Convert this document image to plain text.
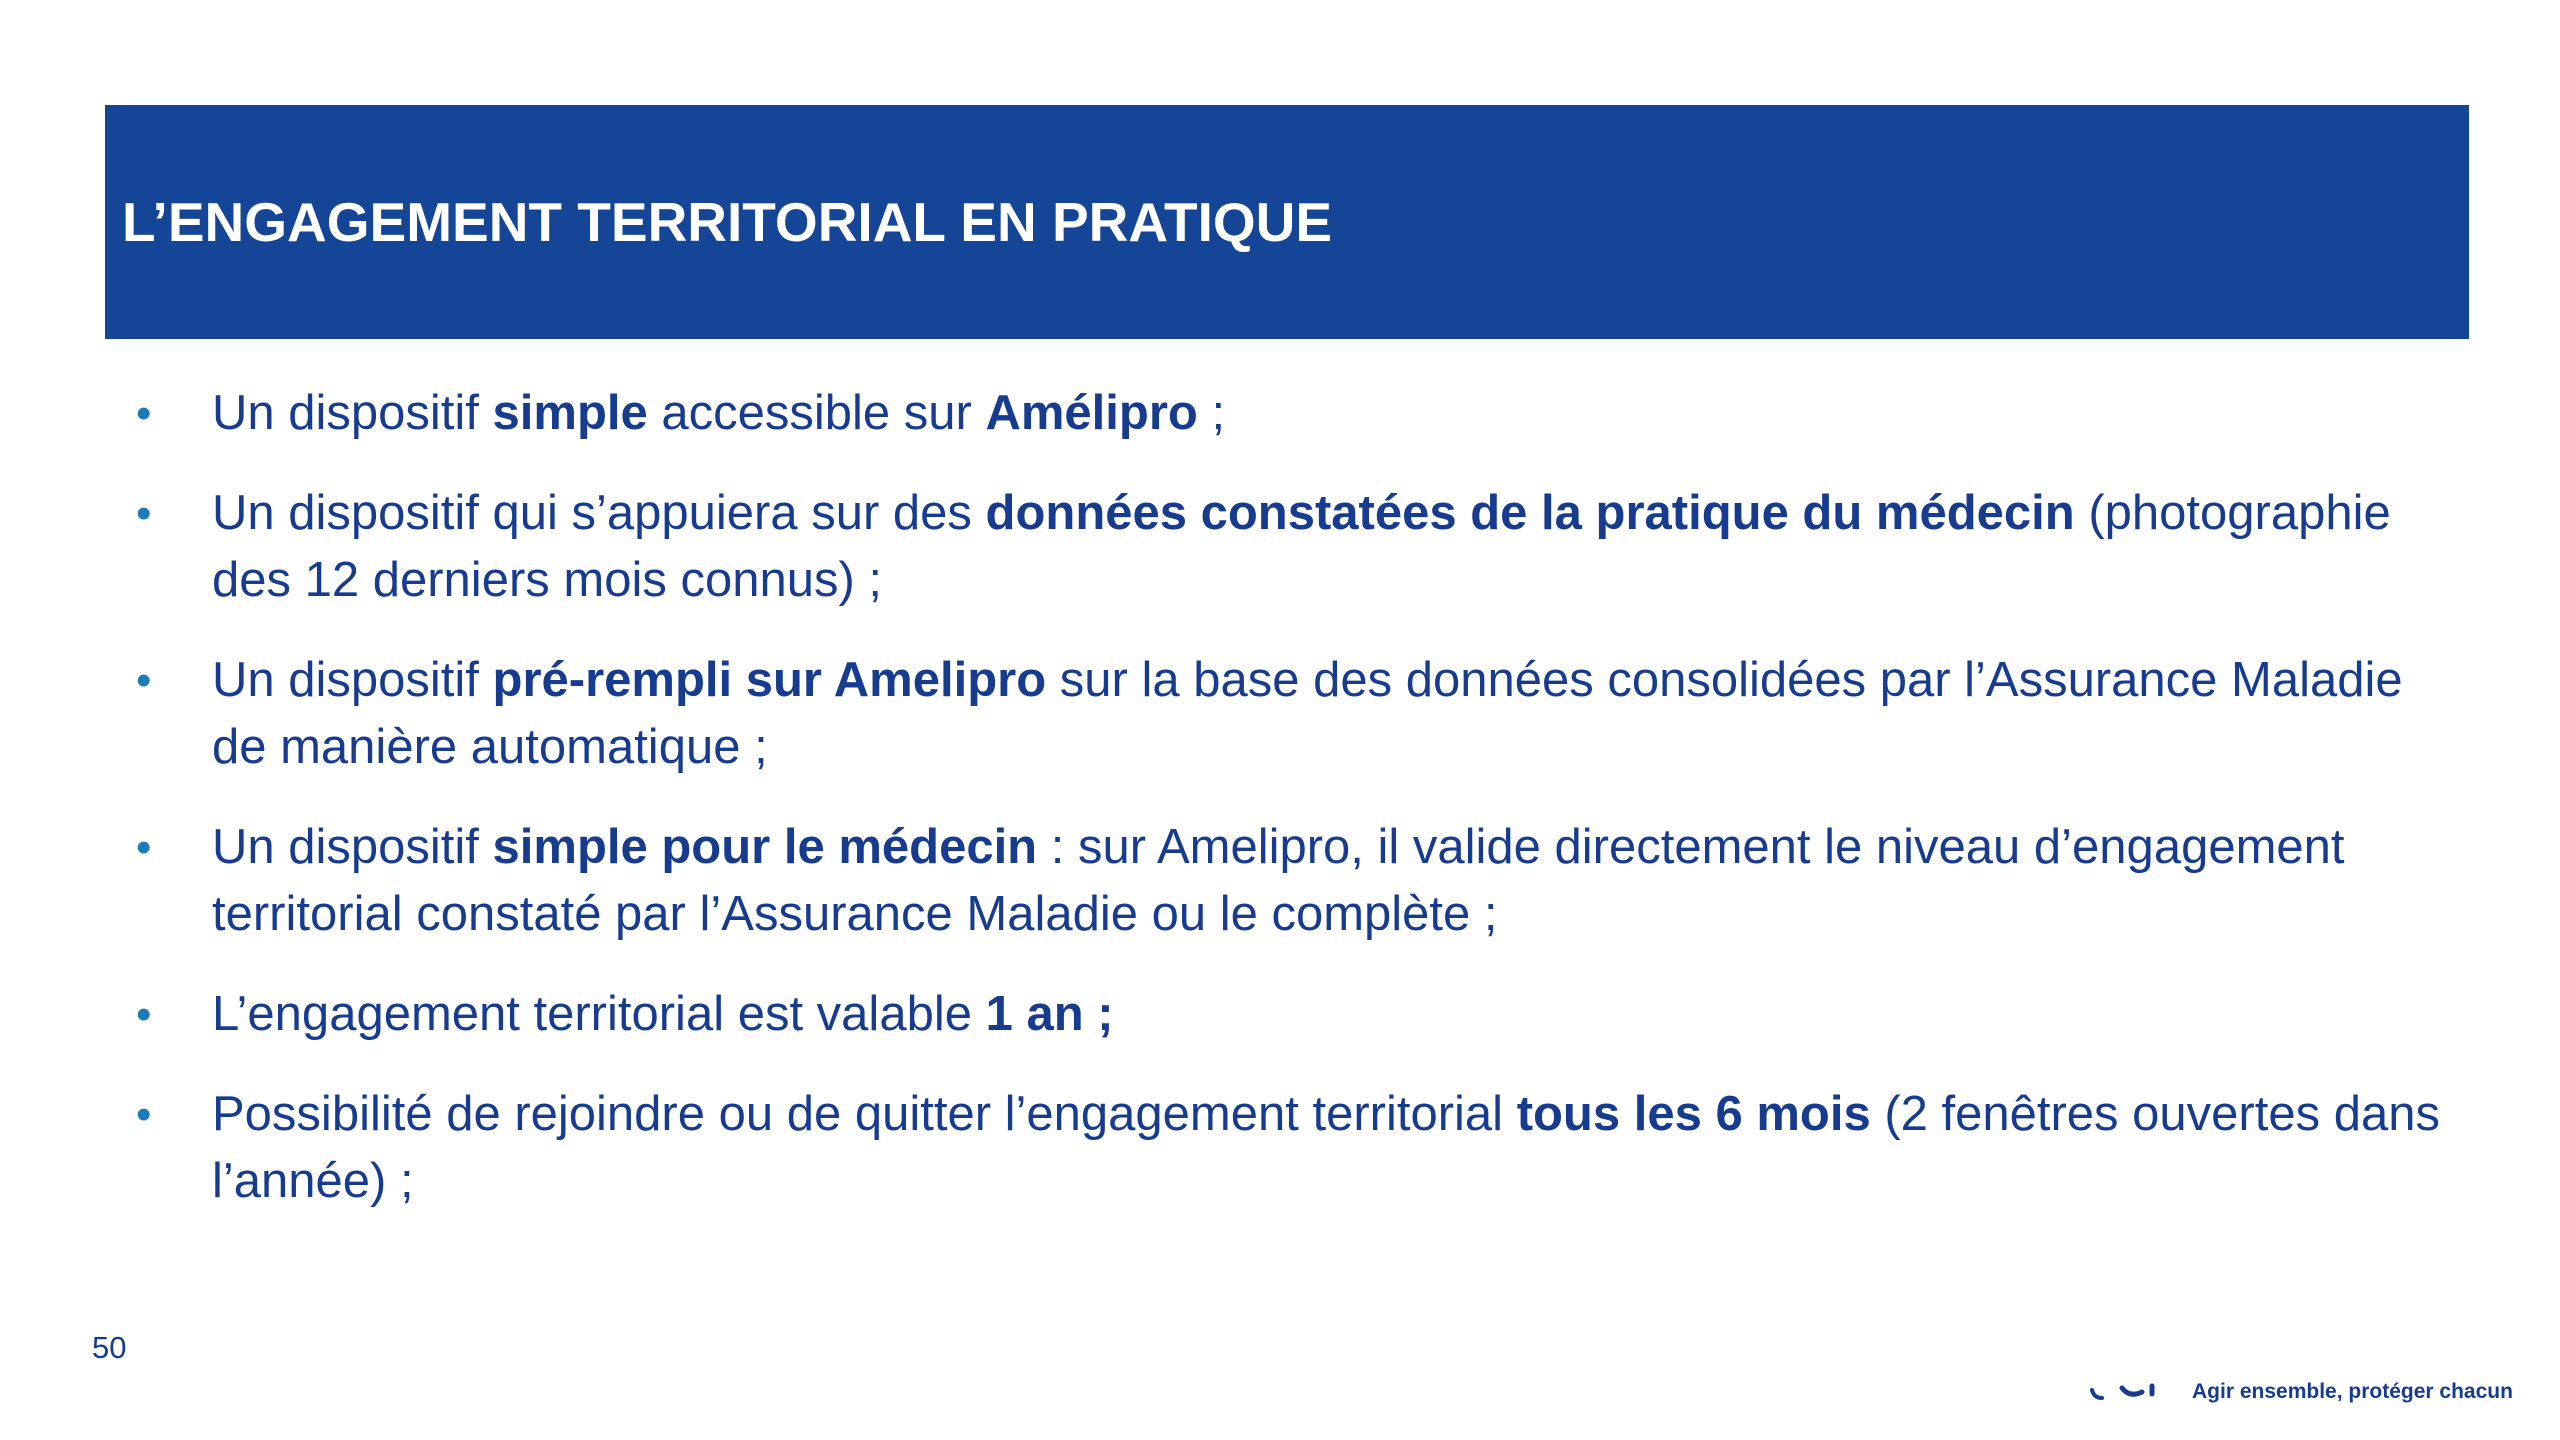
L’ENGAGEMENT TERRITORIAL EN PRATIQUE
•	Un dispositif simple accessible sur Amélipro ;
•	Un dispositif qui s’appuiera sur des données constatées de la pratique du médecin (photographie des 12 derniers mois connus) ;
•	Un dispositif pré-rempli sur Amelipro sur la base des données consolidées par l’Assurance Maladie de manière automatique ;
•	Un dispositif simple pour le médecin : sur Amelipro, il valide directement le niveau d’engagement territorial constaté par l’Assurance Maladie ou le complète ;
•	L’engagement territorial est valable 1 an ;
•	Possibilité de rejoindre ou de quitter l’engagement territorial tous les 6 mois (2 fenêtres ouvertes dans l’année) ;
50
Agir ensemble, protéger chacun
